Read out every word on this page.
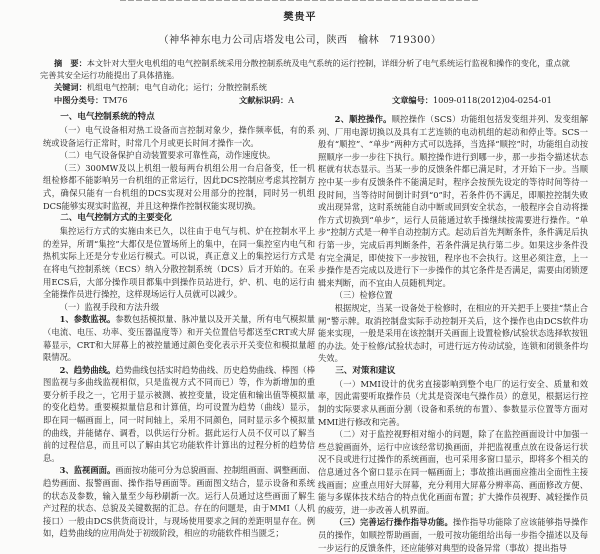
樊贵平
（神华神东电力公司店塔发电公司，陕西　榆林　719300）
摘　要：本文针对大型火电机组的电气控制系统采用分散控制系统及电气系统的运行控制，详细分析了电气系统运行监视和操作的变化，重点就完善其安全运行功能提出了具体措施。
关键词：机组电气控制；电气自动化；运行；分散控制系统
中图分类号：TM76	文献标识码：A	文章编号：1009-0118(2012)04-0254-01
一、电气控制系统的特点

（一）电气设备相对热工设备而言控制对象少，操作频率低，有的系统或设备运行正常时，时常几个月或更长时间才操作一次。

（二）电气设备保护自动装置要求可靠性高，动作速度快。

（三）300MW及以上机组一般每两台机组公用一台启备变，任一机组检修都不能影响另一台机组的正常运行，因此DCS控制应考虑其控制方式，确保只能有一台机组的DCS实现对公用部分的控制，同时另一机组DCS能够实现实时监视，并且这种操作控制权能实现切换。

二、电气控制方式的主要变化

集控运行方式的实施由来已久，以往由于电气与机、炉在控制水平上的差异，所谓“集控”大都仅是位置场所上的集中，在同一集控室内电气和热机实际上还是分专业运行模式。可以说，真正意义上的集控运行方式是在将电气控制系统（ECS）纳入分散控制系统（DCS）后才开始的。在采用ECS后，大部分操作项目都集中到操作员站进行，炉、机、电的运行由全能操作员进行操控，这样现场运行人员就可以减少。

（一）监视手段和方法升级

1、参数监视。参数包括模拟量、脉冲量以及开关量，所有电气模拟量（电流、电压、功率、变压器温度等）和开关位置信号都送至CRT或大屏幕显示，CRT和大屏幕上的被控量通过颜色变化表示开关变位和模拟量超限情况。

2、趋势曲线。趋势曲线包括实时趋势曲线、历史趋势曲线、棒图（棒图监视与多曲线监视相似，只是监视方式不同而已）等，作为新增加的重要分析手段之一，它用于显示被测、被控变量，设定值和输出值等模拟量的变化趋势。重要模拟量信息和计算值，均可设置为趋势（曲线）显示，即在同一幅画面上，同一时间轴上，采用不同颜色，同时显示多个模拟量的曲线，并能储存、调看，以供运行分析。据此运行人员不仅可以了解当前的过程信息，而且可以了解由其它功能软件计算出的过程分析的趋势信息。

3、监视画面。画面按功能可分为总貌画面、控制组画面、调整画面、趋势画面、报警画面、操作指导画面等。画面图文结合，显示设备和系统的状态及参数，输入量至少每秒刷新一次。运行人员通过这些画面了解生产过程的状态、总貌及关键数据的汇总。存在的问题是，由于MMI（人机接口）一般由DCS供货商设计，与现场使用要求之间的差距明显存在。例如，趋势曲线的应用尚处于初级阶段，相应的功能软件相当匮乏；

2、顺控操作。顺控操作（SCS）功能组包括发变组并列、发变组解列、厂用电源切换以及具有工艺连锁的电动机组的起动和停止等。SCS一般有“顺控”、“单步”两种方式可以选择，当选择“顺控”时，功能组自动按照顺序一步一步往下执行。顺控操作进行到哪一步，那一步指令描述状态框就有状态显示。当某一步的反馈条件都已满足时，才开始下一步。当顺控中某一步有反馈条件不能满足时，程序会按预先设定的等待时间等待一段时间，当等待时间倒计时到“0”时，若条件仍不满足，即顺控控制失败或出现异常，这时系统能自动中断或回到安全状态，一般程序会自动将操作方式切换到“单步”，运行人员能通过软手操继续按需要进行操作。“单步”控制方式是一种半自动控制方式。起动后首先判断条件，条件满足后执行第一步，完成后再判断条件，若条件满足执行第二步。如果这步条件没有完全满足，即使按下一步按钮，程序也不会执行。这里必须注意，上一步操作是否完成以及进行下一步操作的其它条件是否满足，需要由闭锁逻辑来判断，而不宜由人员随机判定。

（三）检修位置

根据规定，当某一设备处于检修时，在相应的开关把手上要挂“禁止合闸”警示牌。取消控制盘实际手动控制开关后，这个操作也由DCS软件功能来实现，一般是采用在该控制开关画面上设置检修/试验状态选择软按钮的办法。处于检修/试验状态时，可进行远方传动试验，连锁和闭锁条件均失效。

三、对策和建议

（一）MMI设计的优劣直接影响到整个电厂的运行安全、质量和效率，因此需要听取操作员（尤其是资深电气操作员）的意见，根据运行控制的实际要求从画面分割（设备和系统的布置）、参数显示位置等方面对MMI进行修改和完善。

（二）对于监控视野相对缩小的问题，除了在监控画面设计中加强一些总貌画面外，运行中应该经常切换画面，并把监视重点放在设备运行状况不良或进行过操作的系统画面，也可采用多窗口显示，即将多个相关的信息通过各个窗口显示在同一幅画面上；事故推出画面应推出全面性主接线画面；应重点用好大屏幕，充分利用大屏幕分辨率高、画面修改方便、能与多媒体技术结合的特点优化画面布置；扩大操作员视野、减轻操作员的疲劳，进一步改善人机界面。

（三）完善运行操作指导功能。操作指导功能除了应该能够指导操作员的操作，如顺控帮助画面，一般可按功能组给出每一步指令描述以及每一步运行的反馈条件，还应能够对典型的设备异常（事故）提出指导
